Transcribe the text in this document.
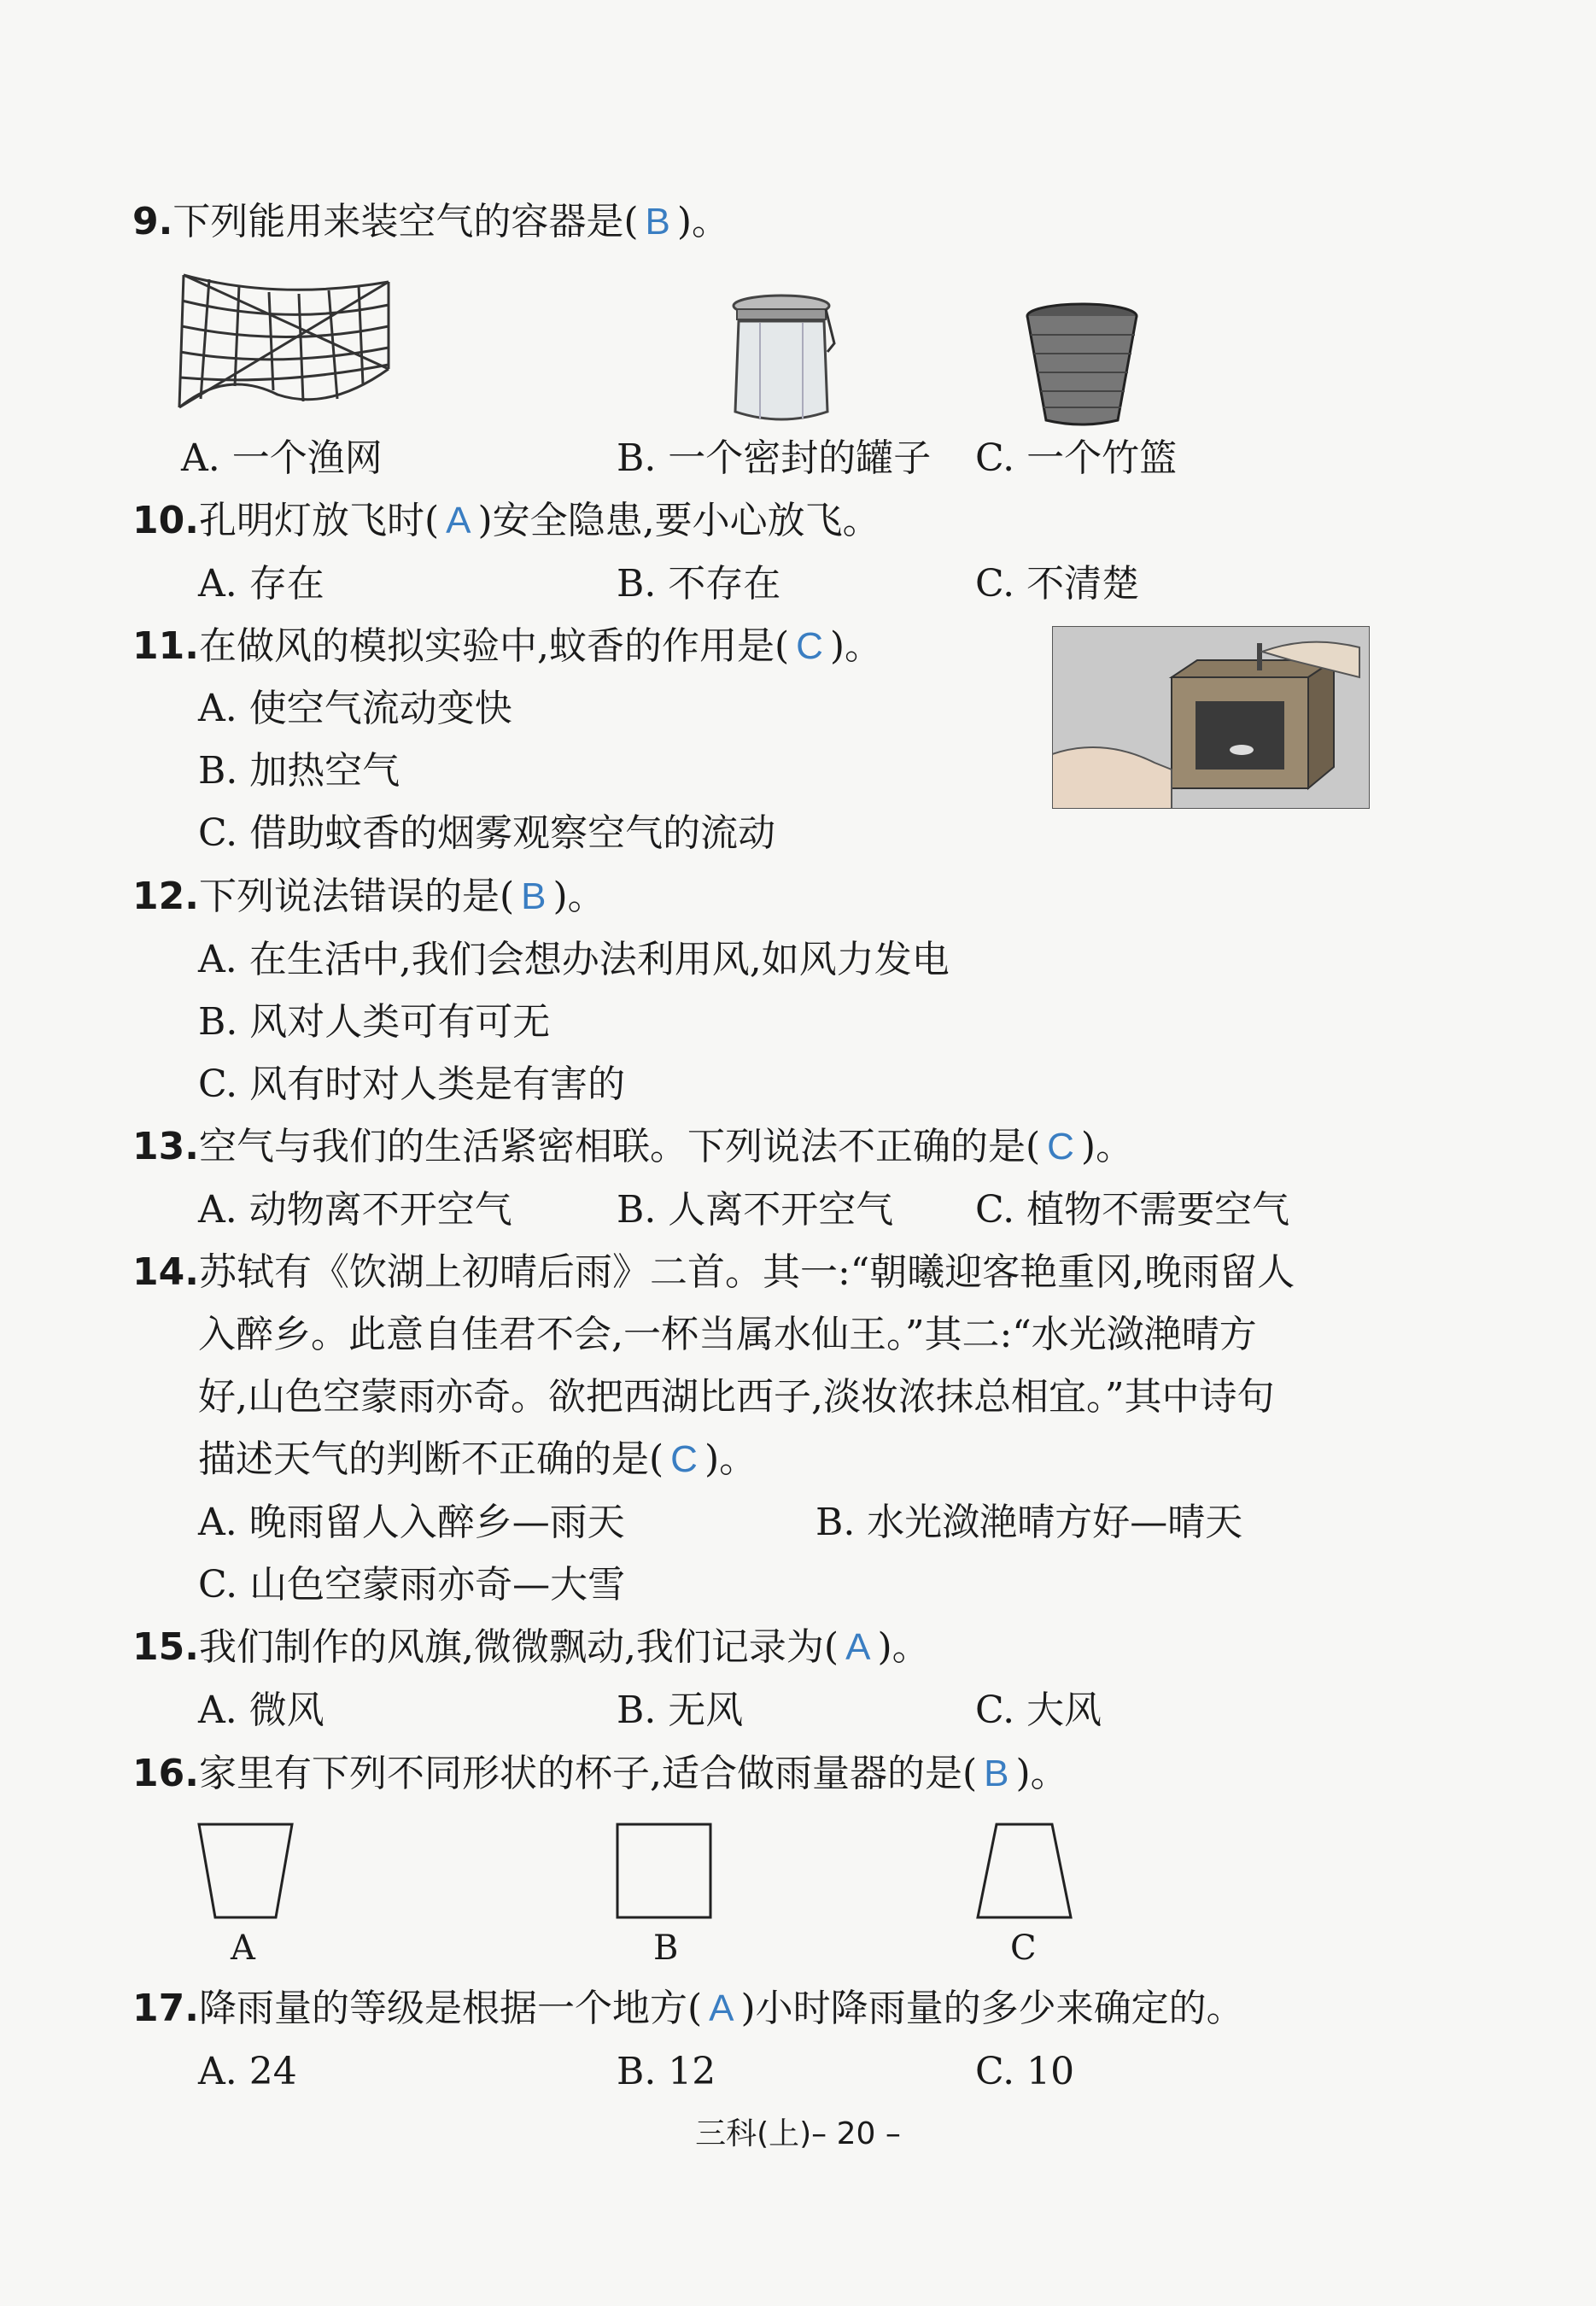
9.下列能用来装空气的容器是( B )。
A. 一个渔网	B. 一个密封的罐子 C. 一个竹篮
10.孔明灯放飞时( A )安全隐患,要小心放飞。
A. 存在	B. 不存在	C. 不清楚
11.在做风的模拟实验中,蚊香的作用是( C )。
A. 使空气流动变快
B. 加热空气
C. 借助蚊香的烟雾观察空气的流动
12.下列说法错误的是( B )。
A. 在生活中,我们会想办法利用风,如风力发电
B. 风对人类可有可无
C. 风有时对人类是有害的
13.空气与我们的生活紧密相联。下列说法不正确的是( C )。
A. 动物离不开空气	B. 人离不开空气 C. 植物不需要空气
14.苏轼有《饮湖上初晴后雨》二首。其一:“朝曦迎客艳重冈,晚雨留人
入醉乡。此意自佳君不会,一杯当属水仙王。”其二:“水光潋滟晴方
好,山色空蒙雨亦奇。欲把西湖比西子,淡妆浓抹总相宜。”其中诗句
描述天气的判断不正确的是( C )。
A. 晚雨留人入醉乡—雨天	B. 水光潋滟晴方好—晴天
C. 山色空蒙雨亦奇—大雪
15.我们制作的风旗,微微飘动,我们记录为( A )。
A. 微风	B. 无风	C. 大风
16.家里有下列不同形状的杯子,适合做雨量器的是( B )。
A	B	C
17.降雨量的等级是根据一个地方( A )小时降雨量的多少来确定的。
A. 24	B. 12	C. 10
三科(上)– 20 –
